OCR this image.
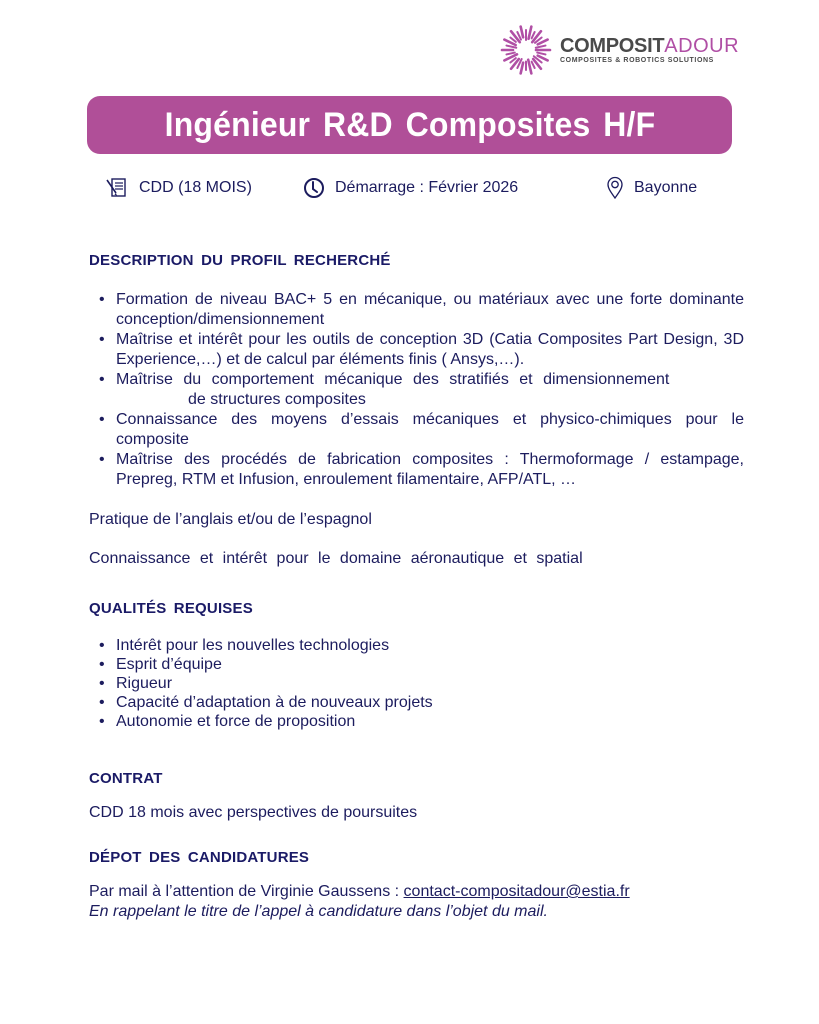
COMPOSITADOUR
COMPOSITES & ROBOTICS SOLUTIONS
Ingénieur R&D Composites H/F
CDD (18 MOIS)	Démarrage : Février 2026	Bayonne
DESCRIPTION DU PROFIL RECHERCHÉ
• Formation de niveau BAC+ 5 en mécanique, ou matériaux avec une forte dominante conception/dimensionnement
• Maîtrise et intérêt pour les outils de conception 3D (Catia Composites Part Design, 3D Experience,…) et de calcul par éléments finis ( Ansys,…).
• Maîtrise du comportement mécanique des stratifiés et dimensionnement
de structures composites
• Connaissance des moyens d’essais mécaniques et physico-chimiques pour le composite
• Maîtrise des procédés de fabrication composites : Thermoformage / estampage, Prepreg, RTM et Infusion, enroulement filamentaire, AFP/ATL, …

Pratique de l’anglais et/ou de l’espagnol

Connaissance et intérêt pour le domaine aéronautique et spatial

QUALITÉS REQUISES
• Intérêt pour les nouvelles technologies
• Esprit d’équipe
• Rigueur
• Capacité d’adaptation à de nouveaux projets
• Autonomie et force de proposition
CONTRAT

CDD 18 mois avec perspectives de poursuites

DÉPOT DES CANDIDATURES

Par mail à l’attention de Virginie Gaussens : contact-compositadour@estia.fr

En rappelant le titre de l’appel à candidature dans l’objet du mail.
